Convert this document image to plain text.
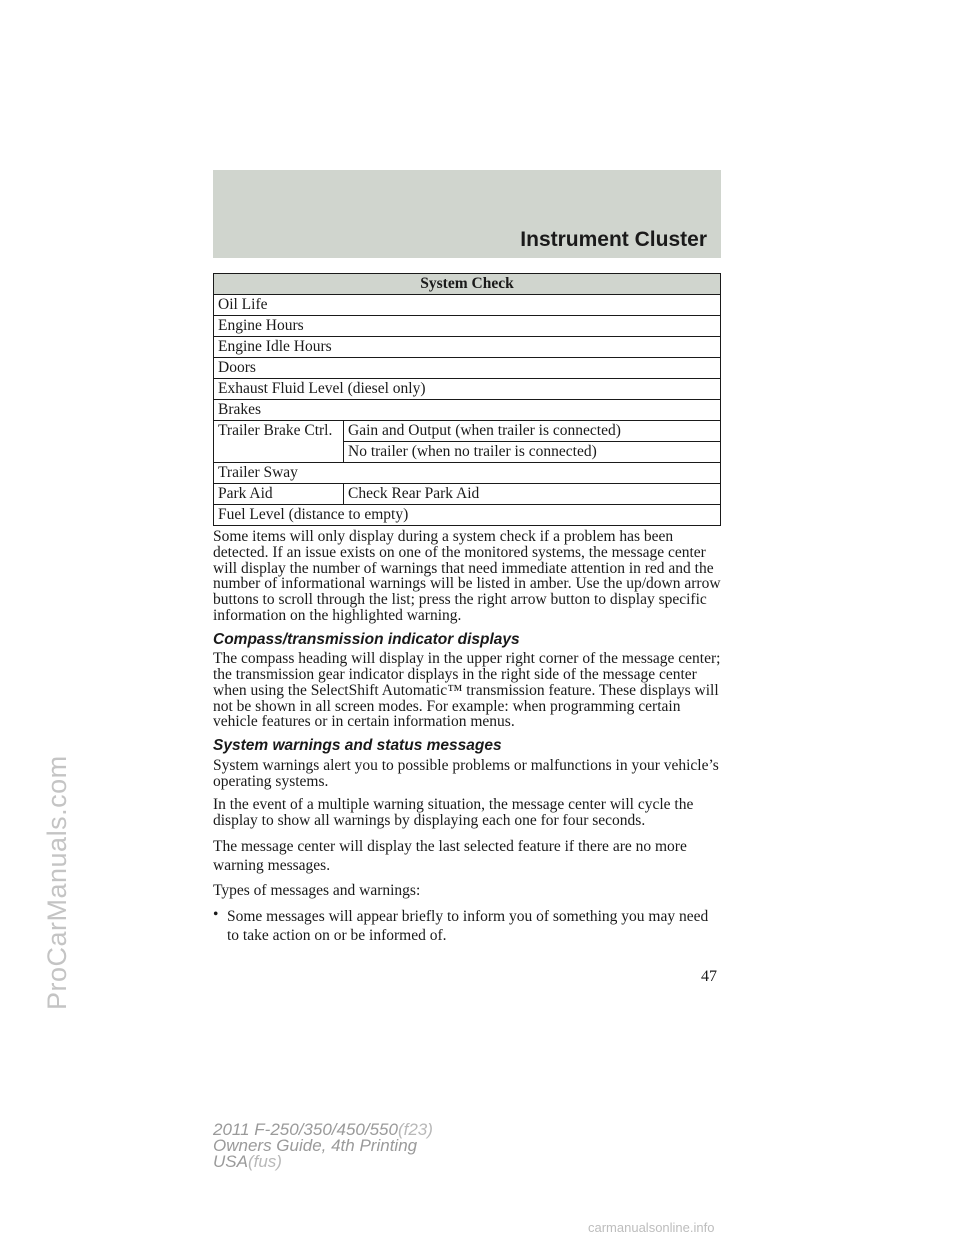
ProCarManuals.com
Instrument Cluster
System Check	
Oil Life	
Engine Hours	
Engine Idle Hours	
Doors	
Exhaust Fluid Level (diesel only)	
Brakes	
Trailer Brake Ctrl.	Gain and Output (when trailer is connected)
	No trailer (when no trailer is connected)
Trailer Sway	
Park Aid	Check Rear Park Aid
Fuel Level (distance to empty)	

Some items will only display during a system check if a problem has been detected. If an issue exists on one of the monitored systems, the message center will display the number of warnings that need immediate attention in red and the number of informational warnings will be listed in amber. Use the up/down arrow buttons to scroll through the list; press the right arrow button to display specific information on the highlighted warning.

Compass/transmission indicator displays

The compass heading will display in the upper right corner of the message center; the transmission gear indicator displays in the right side of the message center when using the SelectShift Automatic™ transmission feature. These displays will not be shown in all screen modes. For example: when programming certain vehicle features or in certain information menus.

System warnings and status messages

System warnings alert you to possible problems or malfunctions in your vehicle’s operating systems.

In the event of a multiple warning situation, the message center will cycle the display to show all warnings by displaying each one for four seconds.

The message center will display the last selected feature if there are no more warning messages.

Types of messages and warnings:

• Some messages will appear briefly to inform you of something you may need to take action on or be informed of.
47
2011 F-250/350/450/550(f23)
Owners Guide, 4th Printing
USA(fus)
carmanualsonline.info
